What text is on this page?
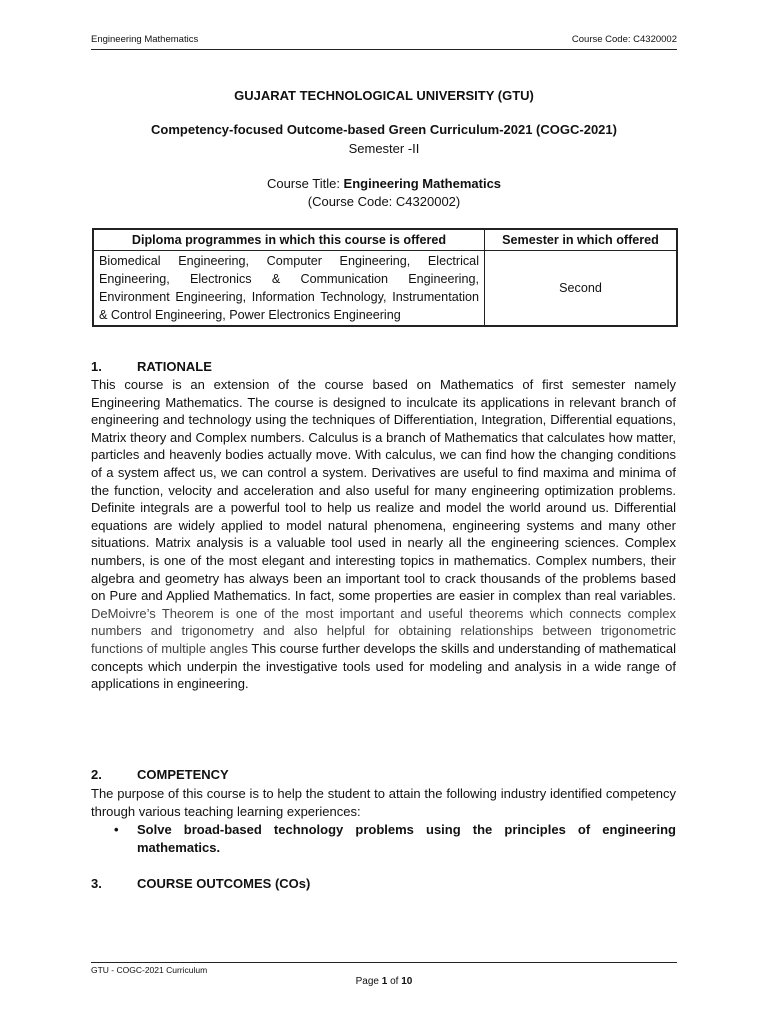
Engineering Mathematics	Course Code: C4320002
GUJARAT TECHNOLOGICAL UNIVERSITY (GTU)
Competency-focused Outcome-based Green Curriculum-2021 (COGC-2021)
Semester -II
Course Title: Engineering Mathematics
(Course Code: C4320002)
Diploma programmes in which this course is offered	Semester in which offered
Biomedical Engineering, Computer Engineering, Electrical Engineering, Electronics & Communication Engineering, Environment Engineering, Information Technology, Instrumentation & Control Engineering, Power Electronics Engineering	Second
1.	RATIONALE
This course is an extension of the course based on Mathematics of first semester namely Engineering Mathematics. The course is designed to inculcate its applications in relevant branch of engineering and technology using the techniques of Differentiation, Integration, Differential equations, Matrix theory and Complex numbers. Calculus is a branch of Mathematics that calculates how matter, particles and heavenly bodies actually move. With calculus, we can find how the changing conditions of a system affect us, we can control a system. Derivatives are useful to find maxima and minima of the function, velocity and acceleration and also useful for many engineering optimization problems. Definite integrals are a powerful tool to help us realize and model the world around us. Differential equations are widely applied to model natural phenomena, engineering systems and many other situations. Matrix analysis is a valuable tool used in nearly all the engineering sciences. Complex numbers, is one of the most elegant and interesting topics in mathematics. Complex numbers, their algebra and geometry has always been an important tool to crack thousands of the problems based on Pure and Applied Mathematics. In fact, some properties are easier in complex than real variables. DeMoivre’s Theorem is one of the most important and useful theorems which connects complex numbers and trigonometry and also helpful for obtaining relationships between trigonometric functions of multiple angles This course further develops the skills and understanding of mathematical concepts which underpin the investigative tools used for modeling and analysis in a wide range of applications in engineering.
2.	COMPETENCY
The purpose of this course is to help the student to attain the following industry identified competency through various teaching learning experiences:
• Solve broad-based technology problems using the principles of engineering mathematics.
3.	COURSE OUTCOMES (COs)
GTU - COGC-2021 Curriculum
Page 1 of 10
